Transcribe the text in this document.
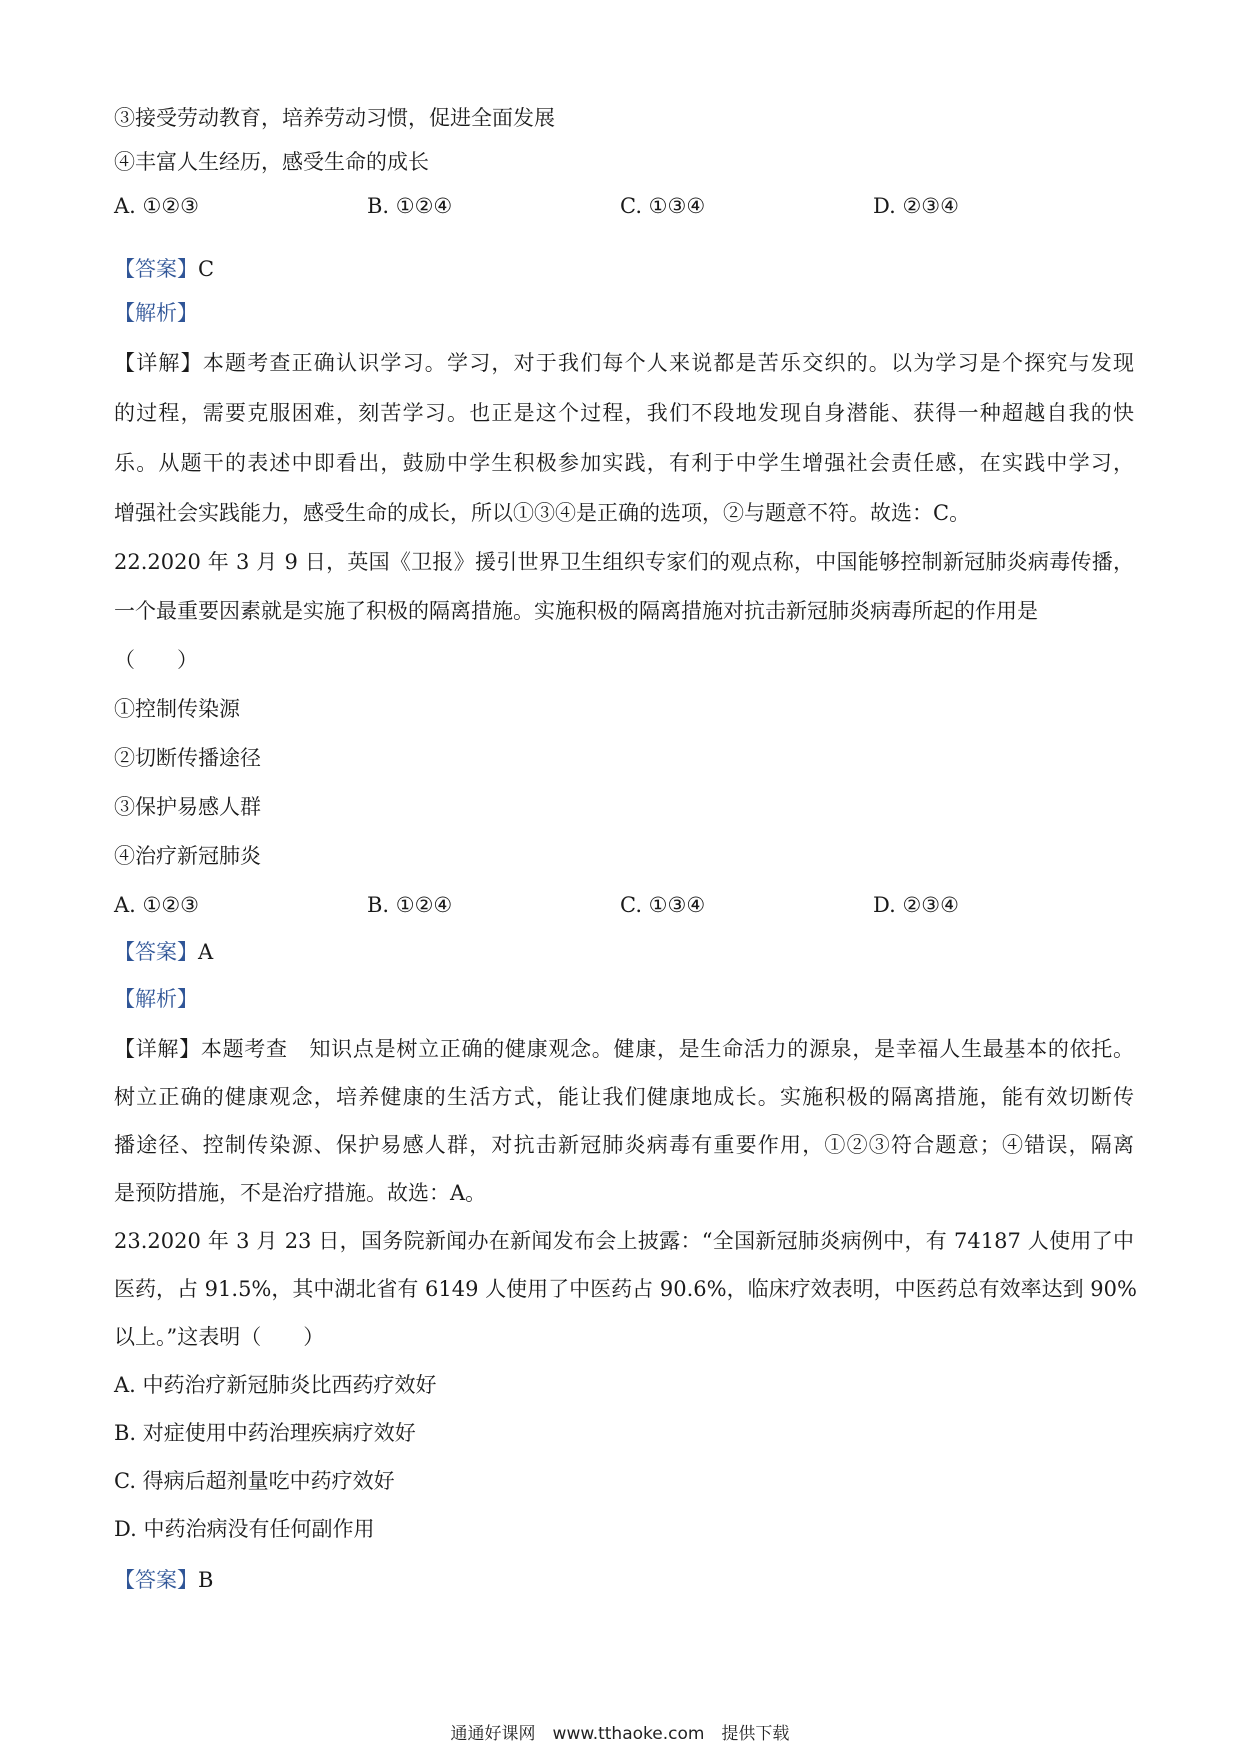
③接受劳动教育，培养劳动习惯，促进全面发展
④丰富人生经历，感受生命的成长
A. ①②③	B. ①②④	C. ①③④	D. ②③④
【答案】C
【解析】
【详解】本题考查正确认识学习。学习，对于我们每个人来说都是苦乐交织的。以为学习是个探究与发现
的过程，需要克服困难，刻苦学习。也正是这个过程，我们不段地发现自身潜能、获得一种超越自我的快
乐。从题干的表述中即看出，鼓励中学生积极参加实践，有利于中学生增强社会责任感，在实践中学习，
增强社会实践能力，感受生命的成长，所以①③④是正确的选项，②与题意不符。故选：C。
22.2020 年 3 月 9 日，英国《卫报》援引世界卫生组织专家们的观点称，中国能够控制新冠肺炎病毒传播，
一个最重要因素就是实施了积极的隔离措施。实施积极的隔离措施对抗击新冠肺炎病毒所起的作用是
（　　）
①控制传染源
②切断传播途径
③保护易感人群
④治疗新冠肺炎
A. ①②③	B. ①②④	C. ①③④	D. ②③④
【答案】A
【解析】
【详解】本题考查　知识点是树立正确的健康观念。健康，是生命活力的源泉，是幸福人生最基本的依托。
树立正确的健康观念，培养健康的生活方式，能让我们健康地成长。实施积极的隔离措施，能有效切断传
播途径、控制传染源、保护易感人群，对抗击新冠肺炎病毒有重要作用，①②③符合题意；④错误，隔离
是预防措施，不是治疗措施。故选：A。
23.2020 年 3 月 23 日，国务院新闻办在新闻发布会上披露：“全国新冠肺炎病例中，有 74187 人使用了中
医药，占 91.5%，其中湖北省有 6149 人使用了中医药占 90.6%，临床疗效表明，中医药总有效率达到 90%
以上。”这表明（　　）
A. 中药治疗新冠肺炎比西药疗效好
B. 对症使用中药治理疾病疗效好
C. 得病后超剂量吃中药疗效好
D. 中药治病没有任何副作用
【答案】B
通通好课网　www.tthaoke.com　提供下载
